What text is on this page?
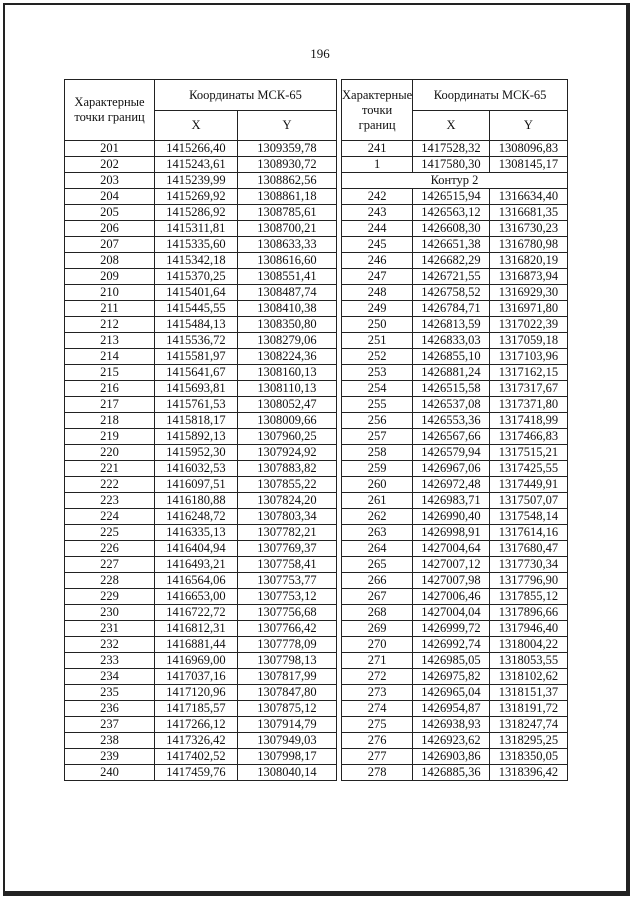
196
Характерные точки границ	Координаты МСК-65	
	X	Y
201	1415266,40	1309359,78
202	1415243,61	1308930,72
203	1415239,99	1308862,56
204	1415269,92	1308861,18
205	1415286,92	1308785,61
206	1415311,81	1308700,21
207	1415335,60	1308633,33
208	1415342,18	1308616,60
209	1415370,25	1308551,41
210	1415401,64	1308487,74
211	1415445,55	1308410,38
212	1415484,13	1308350,80
213	1415536,72	1308279,06
214	1415581,97	1308224,36
215	1415641,67	1308160,13
216	1415693,81	1308110,13
217	1415761,53	1308052,47
218	1415818,17	1308009,66
219	1415892,13	1307960,25
220	1415952,30	1307924,92
221	1416032,53	1307883,82
222	1416097,51	1307855,22
223	1416180,88	1307824,20
224	1416248,72	1307803,34
225	1416335,13	1307782,21
226	1416404,94	1307769,37
227	1416493,21	1307758,41
228	1416564,06	1307753,77
229	1416653,00	1307753,12
230	1416722,72	1307756,68
231	1416812,31	1307766,42
232	1416881,44	1307778,09
233	1416969,00	1307798,13
234	1417037,16	1307817,99
235	1417120,96	1307847,80
236	1417185,57	1307875,12
237	1417266,12	1307914,79
238	1417326,42	1307949,03
239	1417402,52	1307998,17
240	1417459,76	1308040,14
Характерные точки границ	Координаты МСК-65	
	X	Y
241	1417528,32	1308096,83
1	1417580,30	1308145,17
Контур 2		
242	1426515,94	1316634,40
243	1426563,12	1316681,35
244	1426608,30	1316730,23
245	1426651,38	1316780,98
246	1426682,29	1316820,19
247	1426721,55	1316873,94
248	1426758,52	1316929,30
249	1426784,71	1316971,80
250	1426813,59	1317022,39
251	1426833,03	1317059,18
252	1426855,10	1317103,96
253	1426881,24	1317162,15
254	1426515,58	1317317,67
255	1426537,08	1317371,80
256	1426553,36	1317418,99
257	1426567,66	1317466,83
258	1426579,94	1317515,21
259	1426967,06	1317425,55
260	1426972,48	1317449,91
261	1426983,71	1317507,07
262	1426990,40	1317548,14
263	1426998,91	1317614,16
264	1427004,64	1317680,47
265	1427007,12	1317730,34
266	1427007,98	1317796,90
267	1427006,46	1317855,12
268	1427004,04	1317896,66
269	1426999,72	1317946,40
270	1426992,74	1318004,22
271	1426985,05	1318053,55
272	1426975,82	1318102,62
273	1426965,04	1318151,37
274	1426954,87	1318191,72
275	1426938,93	1318247,74
276	1426923,62	1318295,25
277	1426903,86	1318350,05
278	1426885,36	1318396,42
